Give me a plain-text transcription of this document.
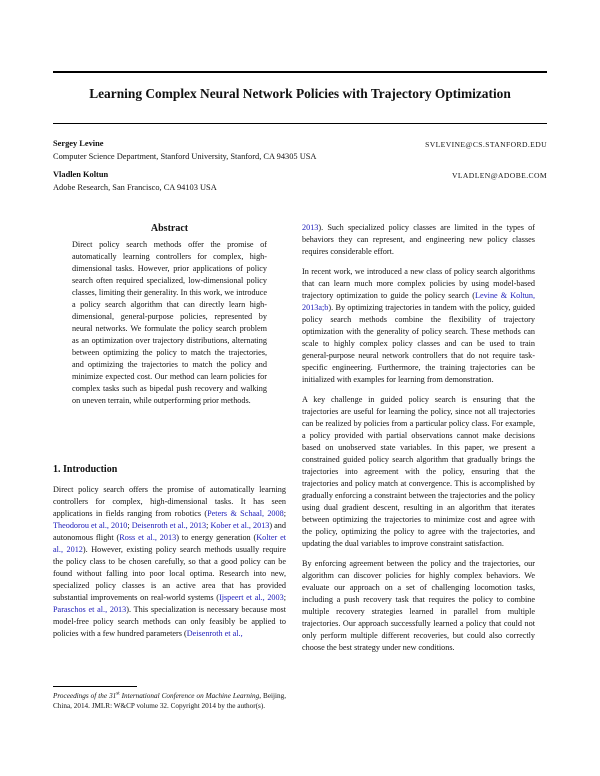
Learning Complex Neural Network Policies with Trajectory Optimization
Sergey Levine	SVLEVINE@CS.STANFORD.EDU
Computer Science Department, Stanford University, Stanford, CA 94305 USA
Vladlen Koltun	VLADLEN@ADOBE.COM
Adobe Research, San Francisco, CA 94103 USA
Abstract
Direct policy search methods offer the promise of automatically learning controllers for complex, high-dimensional tasks. However, prior applications of policy search often required specialized, low-dimensional policy classes, limiting their generality. In this work, we introduce a policy search algorithm that can directly learn high-dimensional, general-purpose policies, represented by neural networks. We formulate the policy search problem as an optimization over trajectory distributions, alternating between optimizing the policy to match the trajectories, and optimizing the trajectories to match the policy and minimize expected cost. Our method can learn policies for complex tasks such as bipedal push recovery and walking on uneven terrain, while outperforming prior methods.
1. Introduction
Direct policy search offers the promise of automatically learning controllers for complex, high-dimensional tasks. It has seen applications in fields ranging from robotics (Peters & Schaal, 2008; Theodorou et al., 2010; Deisenroth et al., 2013; Kober et al., 2013) and autonomous flight (Ross et al., 2013) to energy generation (Kolter et al., 2012). However, existing policy search methods usually require the policy class to be chosen carefully, so that a good policy can be found without falling into poor local optima. Research into new, specialized policy classes is an active area that has provided substantial improvements on real-world systems (Ijspeert et al., 2003; Paraschos et al., 2013). This specialization is necessary because most model-free policy search methods can only feasibly be applied to policies with a few hundred parameters (Deisenroth et al.,
Proceedings of the 31st International Conference on Machine Learning, Beijing, China, 2014. JMLR: W&CP volume 32. Copyright 2014 by the author(s).

2013). Such specialized policy classes are limited in the types of behaviors they can represent, and engineering new policy classes requires considerable effort.

In recent work, we introduced a new class of policy search algorithms that can learn much more complex policies by using model-based trajectory optimization to guide the policy search (Levine & Koltun, 2013a;b). By optimizing trajectories in tandem with the policy, guided policy search methods combine the flexibility of trajectory optimization with the generality of policy search. These methods can scale to highly complex policy classes and can be used to train general-purpose neural network controllers that do not require task-specific engineering. Furthermore, the training trajectories can be initialized with examples for learning from demonstration.

A key challenge in guided policy search is ensuring that the trajectories are useful for learning the policy, since not all trajectories can be realized by policies from a particular policy class. For example, a policy provided with partial observations cannot make decisions based on unobserved state variables. In this paper, we present a constrained guided policy search algorithm that gradually brings the trajectories into agreement with the policy, ensuring that the trajectories and policy match at convergence. This is accomplished by gradually enforcing a constraint between the trajectories and the policy using dual gradient descent, resulting in an algorithm that iterates between optimizing the trajectories to minimize cost and agree with the policy, optimizing the policy to agree with the trajectories, and updating the dual variables to improve constraint satisfaction.

By enforcing agreement between the policy and the trajectories, our algorithm can discover policies for highly complex behaviors. We evaluate our approach on a set of challenging locomotion tasks, including a push recovery task that requires the policy to combine multiple recovery strategies learned in parallel from multiple trajectories. Our approach successfully learned a policy that could not only perform multiple different recoveries, but could also correctly choose the best strategy under new conditions.
